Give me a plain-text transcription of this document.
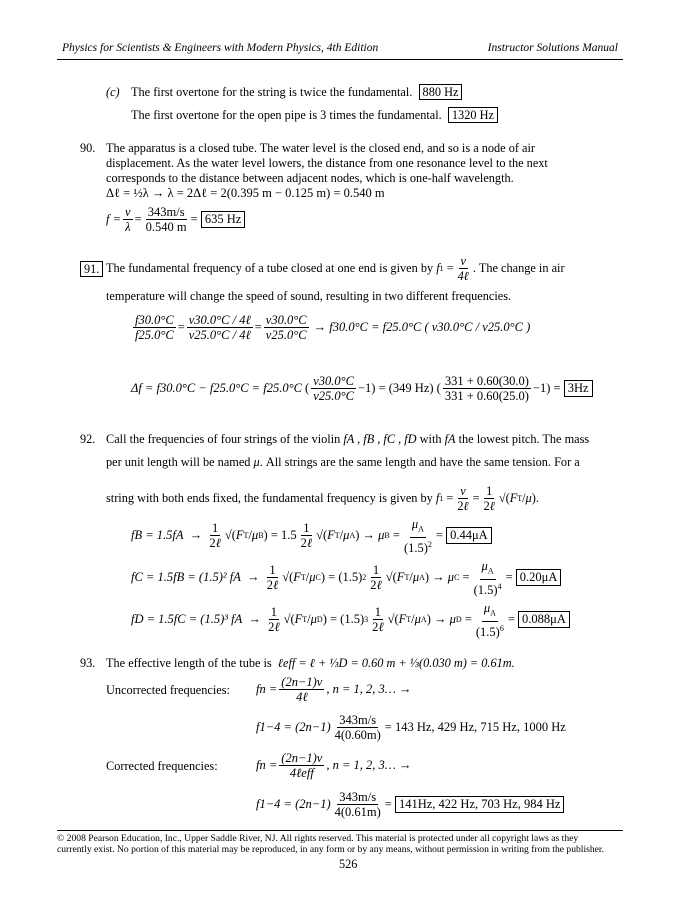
Physics for Scientists & Engineers with Modern Physics, 4th Edition	Instructor Solutions Manual
(c) The first overtone for the string is twice the fundamental. 880 Hz
The first overtone for the open pipe is 3 times the fundamental. 1320 Hz
90. The apparatus is a closed tube. The water level is the closed end, and so is a node of air
displacement. As the water level lowers, the distance from one resonance level to the next
corresponds to the distance between adjacent nodes, which is one-half wavelength.
Δℓ = ½λ → λ = 2Δℓ = 2(0.395 m − 0.125 m) = 0.540 m
$f = \frac{v}{\lambda} = \frac{343m/s}{0.540 m} = 635$ Hz
91. The fundamental frequency of a tube closed at one end is given by
f $1 = \frac{v}{\text{4ℓ}}$ . The change in air
temperature will change the speed of sound, resulting in two different frequencies.
$\frac{f30.0^\circ C}{f25.0^\circ C} = \frac{\text{v30.0°C / 4ℓ}}{\text{v25.0°C / 4ℓ}} = \frac{v30.0^\circ C}{v25.0^\circ C}$
→ f30.0°C = f25.0°C ( v30.0°C / v25.0°C )
Δf = f30.0°C − f25.0°C = f25.0°C ( $\frac{v30.0^\circ C}{v25.0^\circ C} -1) = (349$ Hz) ( $\frac{331 + 0.60(30.0)}{331 + 0.60(25.0)} -1) = 3Hz$
92. Call the frequencies of four strings of the violin fA , fB , fC , fD with fA the lowest pitch. The mass
per unit length will be named μ. All strings are the same length and have the same tension. For a
string with both ends fixed, the fundamental frequency is given by
f $1 = \frac{v}{\text{2ℓ}} = \frac{1}{\text{2ℓ}}$ √( F T / μ ).
fB = $1.5fA \to \frac{1}{\text{2ℓ}}$ √( F T / μ B ) = $1.5 \frac{1}{\text{2ℓ}}$ √( F T / μ A ) → μ $B = \frac{\mu_A}{(1.5)^2} = 0.44\mu A$
fC = 1.5fB = (1.5)² fA → $\frac{1}{\text{2ℓ}}$ √( F T / μ C ) = (1.5) $2 \frac{1}{\text{2ℓ}}$ √( F T / μ A ) → μ $C = \frac{\mu_A}{(1.5)^4} = 0.20\mu A$
fD = 1.5fC = (1.5)³ fA → $\frac{1}{\text{2ℓ}}$ √( F T / μ D ) = (1.5) $3 \frac{1}{\text{2ℓ}}$ √( F T / μ A ) → μ $D = \frac{\mu_A}{(1.5)^6} = 0.088\mu A$
93. The effective length of the tube is ℓeff = ℓ + ⅓D = 0.60 m + ⅓(0.030 m) = 0.61m.
Uncorrected frequencies: fn = $\frac{(2n-1)v}{\text{4ℓ}}$ , n = 1, 2, 3… →
$f1-4 = (2n-1) \frac{343m/s}{4(0.60m)} = 143$ Hz, 429 Hz, 715 Hz, 1000 Hz
Corrected frequencies:	fn = $\frac{(2n-1)v}{\text{4ℓeff}}$ , n = 1, 2, 3… →
$f1-4 = (2n-1) \frac{343m/s}{4(0.61m)} = 141Hz$, 422 Hz, 703 Hz, 984 Hz
© 2008 Pearson Education, Inc., Upper Saddle River, NJ. All rights reserved. This material is protected under all copyright laws as they
currently exist. No portion of this material may be reproduced, in any form or by any means, without permission in writing from the publisher.
526
